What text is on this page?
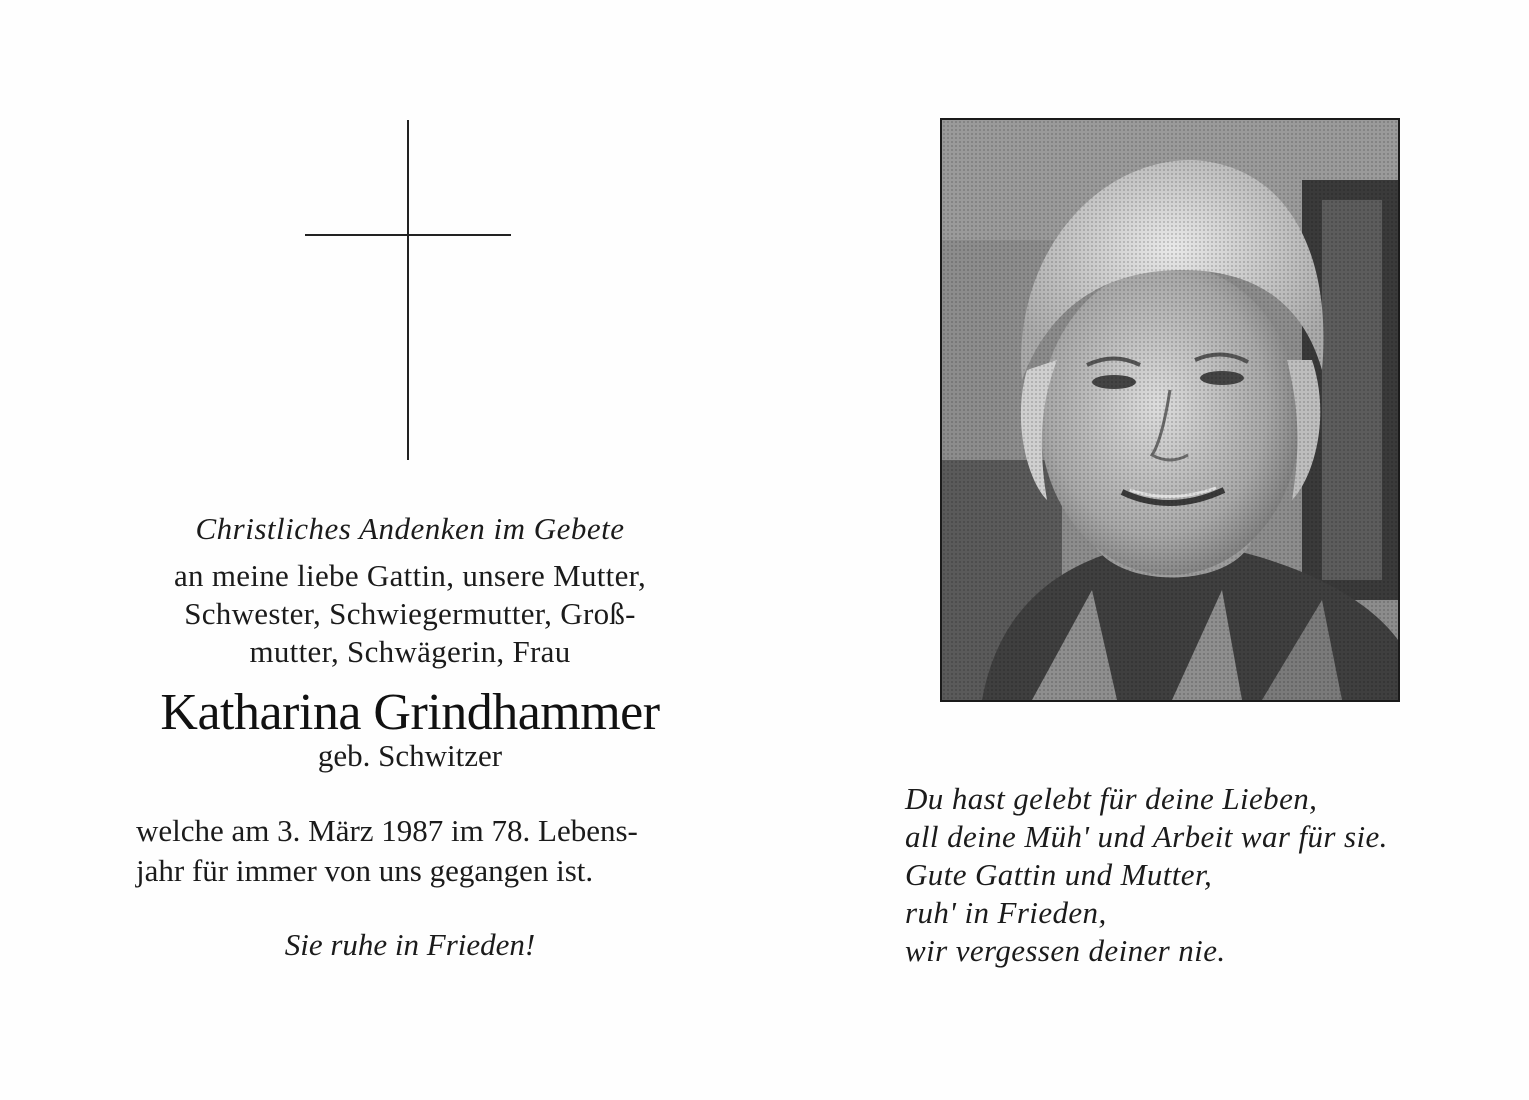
Christliches Andenken im Gebete

an meine liebe Gattin, unsere Mutter,
Schwester, Schwiegermutter, Groß-
mutter, Schwägerin, Frau
Katharina Grindhammer
geb. Schwitzer
welche am 3. März 1987 im 78. Lebens-
jahr für immer von uns gegangen ist.
Sie ruhe in Frieden!
Du hast gelebt für deine Lieben,
all deine Müh' und Arbeit war für sie.
Gute Gattin und Mutter,
ruh' in Frieden,
wir vergessen deiner nie.
